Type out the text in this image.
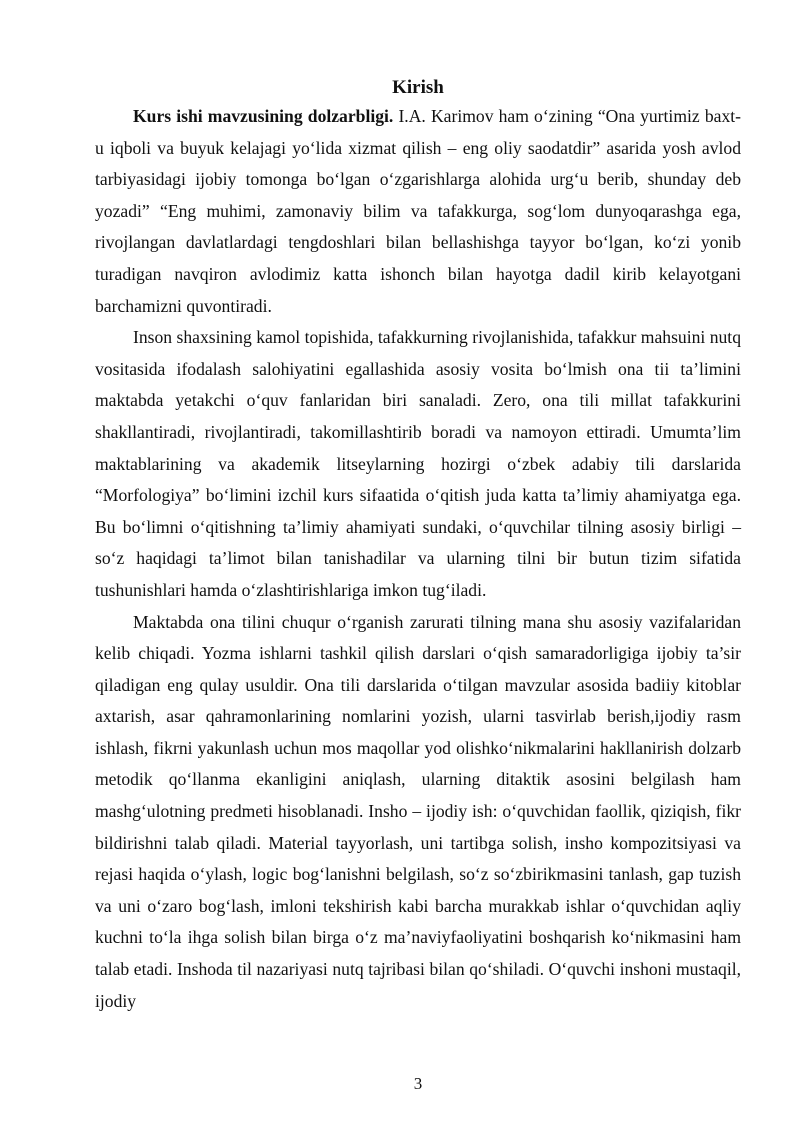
Kirish

Kurs ishi mavzusining dolzarbligi. I.A. Karimov ham o‘zining “Ona yurtimiz baxt-u iqboli va buyuk kelajagi yo‘lida xizmat qilish – eng oliy saodatdir” asarida yosh avlod tarbiyasidagi ijobiy tomonga bo‘lgan o‘zgarishlarga alohida urg‘u berib, shunday deb yozadi” “Eng muhimi, zamonaviy bilim va tafakkurga, sog‘lom dunyoqarashga ega, rivojlangan davlatlardagi tengdoshlari bilan bellashishga tayyor bo‘lgan, ko‘zi yonib turadigan navqiron avlodimiz katta ishonch bilan hayotga dadil kirib kelayotgani barchamizni quvontiradi.

Inson shaxsining kamol topishida, tafakkurning rivojlanishida, tafakkur mahsuini nutq vositasida ifodalash salohiyatini egallashida asosiy vosita bo‘lmish ona tii ta’limini maktabda yetakchi o‘quv fanlaridan biri sanaladi. Zero, ona tili millat tafakkurini shakllantiradi, rivojlantiradi, takomillashtirib boradi va namoyon ettiradi. Umumta’lim maktablarining va akademik litseylarning hozirgi o‘zbek adabiy tili darslarida “Morfologiya” bo‘limini izchil kurs sifaatida o‘qitish juda katta ta’limiy ahamiyatga ega. Bu bo‘limni o‘qitishning ta’limiy ahamiyati sundaki, o‘quvchilar tilning asosiy birligi – so‘z haqidagi ta’limot bilan tanishadilar va ularning tilni bir butun tizim sifatida tushunishlari hamda o‘zlashtirishlariga imkon tug‘iladi.

Maktabda ona tilini chuqur o‘rganish zarurati tilning mana shu asosiy vazifalaridan kelib chiqadi. Yozma ishlarni tashkil qilish darslari o‘qish samaradorligiga ijobiy ta’sir qiladigan eng qulay usuldir. Ona tili darslarida o‘tilgan mavzular asosida badiiy kitoblar axtarish, asar qahramonlarining nomlarini yozish, ularni tasvirlab berish,ijodiy rasm ishlash, fikrni yakunlash uchun mos maqollar yod olishko‘nikmalarini hakllanirish dolzarb metodik qo‘llanma ekanligini aniqlash, ularning ditaktik asosini belgilash ham mashg‘ulotning predmeti hisoblanadi. Insho – ijodiy ish: o‘quvchidan faollik, qiziqish, fikr bildirishni talab qiladi. Material tayyorlash, uni tartibga solish, insho kompozitsiyasi va rejasi haqida o‘ylash, logic bog‘lanishni belgilash, so‘z so‘zbirikmasini tanlash, gap tuzish va uni o‘zaro bog‘lash, imloni tekshirish kabi barcha murakkab ishlar o‘quvchidan aqliy kuchni to‘la ihga solish bilan birga o‘z ma’naviyfaoliyatini boshqarish ko‘nikmasini ham talab etadi. Inshoda til nazariyasi nutq tajribasi bilan qo‘shiladi. O‘quvchi inshoni mustaqil, ijodiy

3
